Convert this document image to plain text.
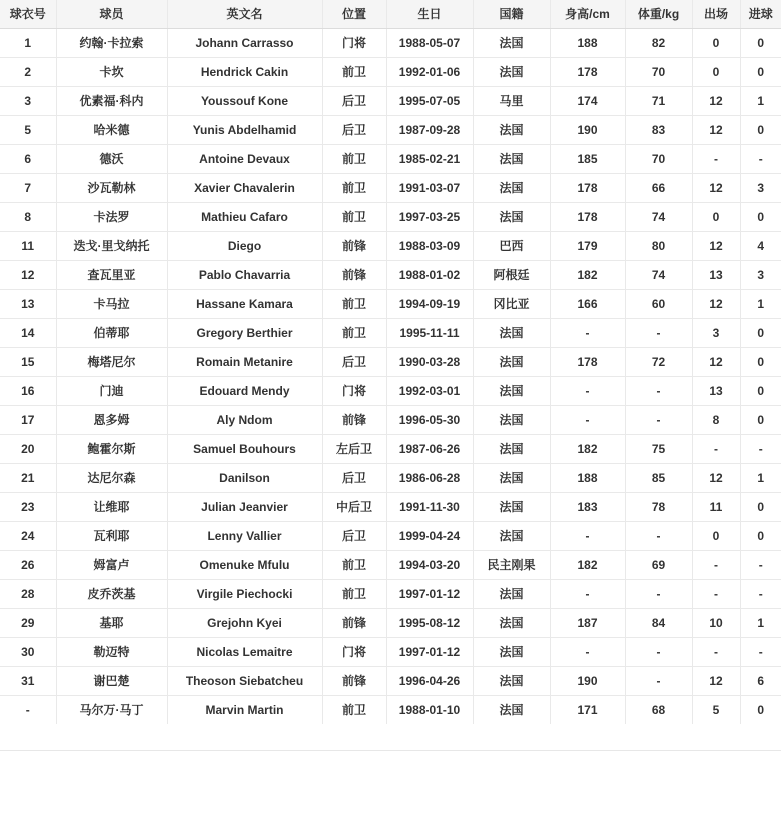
球衣号	球员	英文名	位置	生日	国籍	身高/cm	体重/kg	出场	进球
1	约翰·卡拉索	Johann Carrasso	门将	1988-05-07	法国	188	82	0	0
2	卡坎	Hendrick Cakin	前卫	1992-01-06	法国	178	70	0	0
3	优素福·科内	Youssouf Kone	后卫	1995-07-05	马里	174	71	12	1
5	哈米德	Yunis Abdelhamid	后卫	1987-09-28	法国	190	83	12	0
6	德沃	Antoine Devaux	前卫	1985-02-21	法国	185	70	-	-
7	沙瓦勒林	Xavier Chavalerin	前卫	1991-03-07	法国	178	66	12	3
8	卡法罗	Mathieu Cafaro	前卫	1997-03-25	法国	178	74	0	0
11	迭戈·里戈纳托	Diego	前锋	1988-03-09	巴西	179	80	12	4
12	查瓦里亚	Pablo Chavarria	前锋	1988-01-02	阿根廷	182	74	13	3
13	卡马拉	Hassane Kamara	前卫	1994-09-19	冈比亚	166	60	12	1
14	伯蒂耶	Gregory Berthier	前卫	1995-11-11	法国	-	-	3	0
15	梅塔尼尔	Romain Metanire	后卫	1990-03-28	法国	178	72	12	0
16	门迪	Edouard Mendy	门将	1992-03-01	法国	-	-	13	0
17	恩多姆	Aly Ndom	前锋	1996-05-30	法国	-	-	8	0
20	鲍霍尔斯	Samuel Bouhours	左后卫	1987-06-26	法国	182	75	-	-
21	达尼尔森	Danilson	后卫	1986-06-28	法国	188	85	12	1
23	让维耶	Julian Jeanvier	中后卫	1991-11-30	法国	183	78	11	0
24	瓦利耶	Lenny Vallier	后卫	1999-04-24	法国	-	-	0	0
26	姆富卢	Omenuke Mfulu	前卫	1994-03-20	民主刚果	182	69	-	-
28	皮乔茨基	Virgile Piechocki	前卫	1997-01-12	法国	-	-	-	-
29	基耶	Grejohn Kyei	前锋	1995-08-12	法国	187	84	10	1
30	勒迈特	Nicolas Lemaitre	门将	1997-01-12	法国	-	-	-	-
31	谢巴楚	Theoson Siebatcheu	前锋	1996-04-26	法国	190	-	12	6
-	马尔万·马丁	Marvin Martin	前卫	1988-01-10	法国	171	68	5	0
